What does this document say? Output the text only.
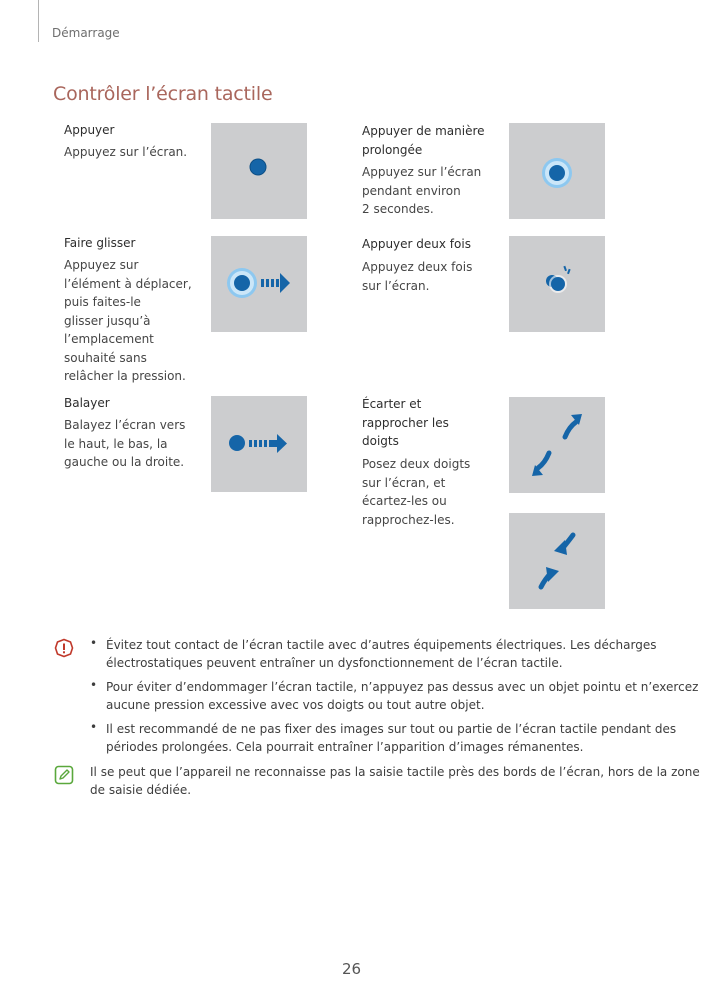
Démarrage
Contrôler l’écran tactile
Appuyer
Appuyez sur l’écran.
Appuyer de manière
prolongée
Appuyez sur l’écran
pendant environ
2 secondes.
Faire glisser
Appuyez sur
l’élément à déplacer,
puis faites-le
glisser jusqu’à
l’emplacement
souhaité sans
relâcher la pression.
Appuyer deux fois
Appuyez deux fois
sur l’écran.
Balayer
Balayez l’écran vers
le haut, le bas, la
gauche ou la droite.
Écarter et
rapprocher les
doigts
Posez deux doigts
sur l’écran, et
écartez-les ou
rapprochez-les.
• Évitez tout contact de l’écran tactile avec d’autres équipements électriques. Les décharges
électrostatiques peuvent entraîner un dysfonctionnement de l’écran tactile.
• Pour éviter d’endommager l’écran tactile, n’appuyez pas dessus avec un objet pointu et n’exercez
aucune pression excessive avec vos doigts ou tout autre objet.
• Il est recommandé de ne pas fixer des images sur tout ou partie de l’écran tactile pendant des
périodes prolongées. Cela pourrait entraîner l’apparition d’images rémanentes.
Il se peut que l’appareil ne reconnaisse pas la saisie tactile près des bords de l’écran, hors de la zone
de saisie dédiée.
26
